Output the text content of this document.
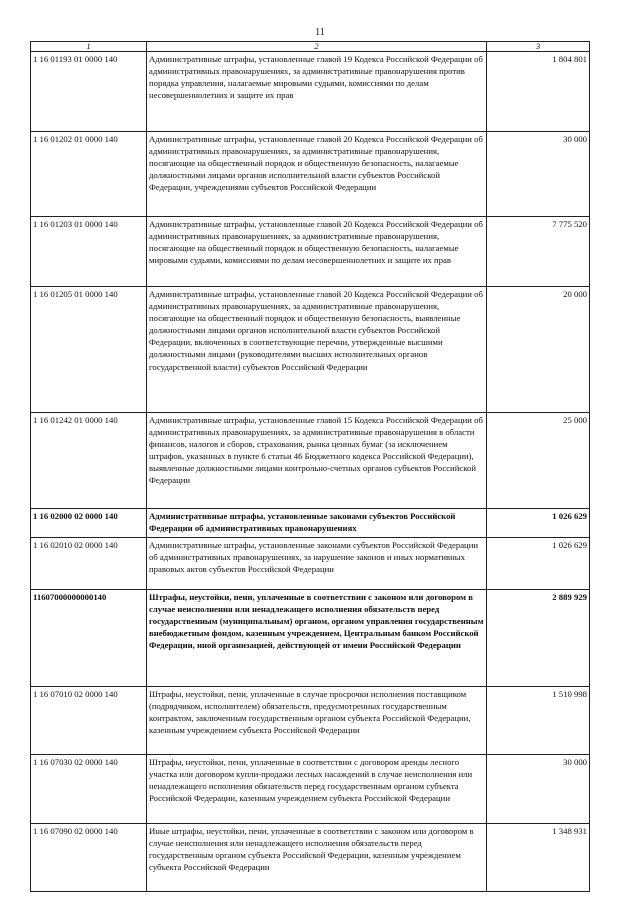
11
1	2	3
1 16 01193 01 0000 140	Административные штрафы, установленные главой 19 Кодекса Российской Федерации об административных правонарушениях, за административные правонарушения против порядка управления, налагаемые мировыми судьями, комиссиями по делам несовершеннолетних и защите их прав	1 804 801
1 16 01202 01 0000 140	Административные штрафы, установленные главой 20 Кодекса Российской Федерации об административных правонарушениях, за административные правонарушения, посягающие на общественный порядок и общественную безопасность, налагаемые должностными лицами органов исполнительной власти субъектов Российской Федерации, учреждениями субъектов Российской Федерации	30 000
1 16 01203 01 0000 140	Административные штрафы, установленные главой 20 Кодекса Российской Федерации об административных правонарушениях, за административные правонарушения, посягающие на общественный порядок и общественную безопасность, налагаемые мировыми судьями, комиссиями по делам несовершеннолетних и защите их прав	7 775 520
1 16 01205 01 0000 140	Административные штрафы, установленные главой 20 Кодекса Российской Федерации об административных правонарушениях, за административные правонарушения, посягающие на общественный порядок и общественную безопасность, выявленные должностными лицами органов исполнительной власти субъектов Российской Федерации, включенных в соответствующие перечни, утвержденные высшими должностными лицами (руководителями высших исполнительных органов государственной власти) субъектов Российской Федерации	20 000
1 16 01242 01 0000 140	Административные штрафы, установленные главой 15 Кодекса Российской Федерации об административных правонарушениях, за административные правонарушения в области финансов, налогов и сборов, страхования, рынка ценных бумаг (за исключением штрафов, указанных в пункте 6 статьи 46 Бюджетного кодекса Российской Федерации), выявленные должностными лицами контрольно-счетных органов субъектов Российской Федерации	25 000
1 16 02000 02 0000 140	Административные штрафы, установленные законами субъектов Российской Федерации об административных правонарушениях	1 026 629
1 16 02010 02 0000 140	Административные штрафы, установленные законами субъектов Российской Федерации об административных правонарушениях, за нарушение законов и иных нормативных правовых актов субъектов Российской Федерации	1 026 629
11607000000000140	Штрафы, неустойки, пени, уплаченные в соответствии с законом или договором в случае неисполнения или ненадлежащего исполнения обязательств перед государственным (муниципальным) органом, органом управления государственным внебюджетным фондом, казенным учреждением, Центральным банком Российской Федерации, иной организацией, действующей от имени Российской Федерации	2 889 929
1 16 07010 02 0000 140	Штрафы, неустойки, пени, уплаченные в случае просрочки исполнения поставщиком (подрядчиком, исполнителем) обязательств, предусмотренных государственным контрактом, заключенным государственным органом субъекта Российской Федерации, казенным учреждением субъекта Российской Федерации	1 510 998
1 16 07030 02 0000 140	Штрафы, неустойки, пени, уплаченные в соответствии с договором аренды лесного участка или договором купли-продажи лесных насаждений в случае неисполнения или ненадлежащего исполнения обязательств перед государственным органом субъекта Российской Федерации, казенным учреждением субъекта Российской Федерации	30 000
1 16 07090 02 0000 140	Иные штрафы, неустойки, пени, уплаченные в соответствии с законом или договором в случае неисполнения или ненадлежащего исполнения обязательств перед государственным органом субъекта Российской Федерации, казенным учреждением субъекта Российской Федерации	1 348 931
